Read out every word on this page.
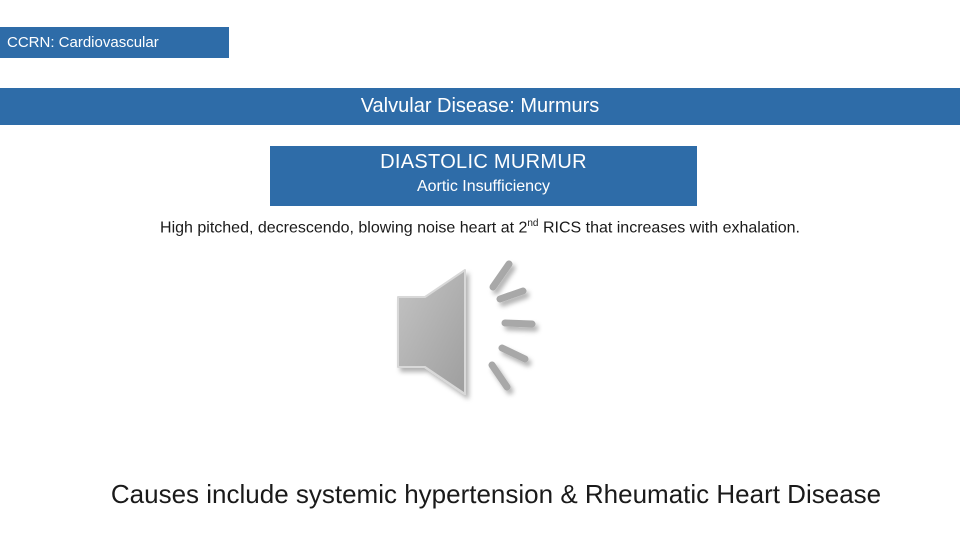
CCRN: Cardiovascular
Valvular Disease: Murmurs
DIASTOLIC MURMUR
Aortic Insufficiency
High pitched, decrescendo, blowing noise heart at 2nd RICS that increases with exhalation.
Causes include systemic hypertension & Rheumatic Heart Disease
